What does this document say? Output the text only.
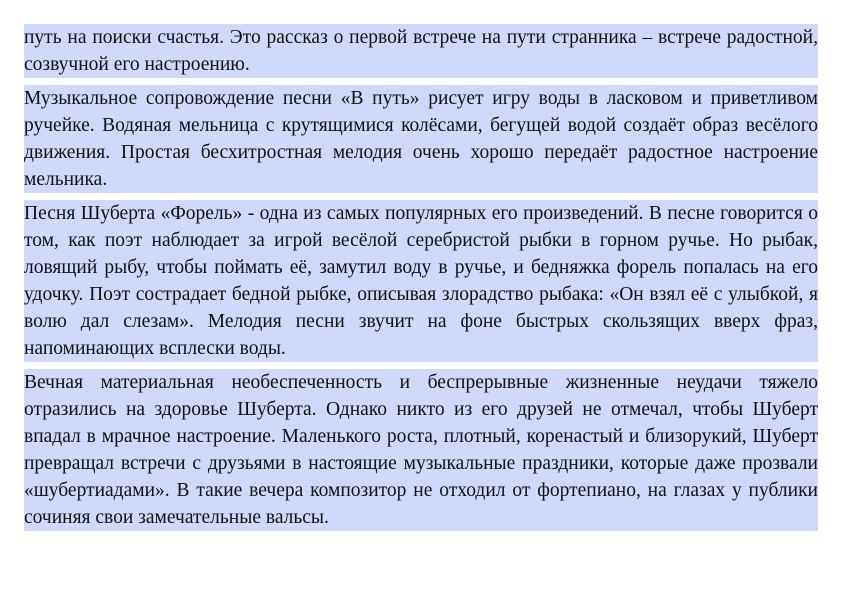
путь на поиски счастья. Это рассказ о первой встрече на пути странника – встрече радостной, созвучной его настроению.

Музыкальное сопровождение песни «В путь» рисует игру воды в ласковом и приветливом ручейке. Водяная мельница с крутящимися колёсами, бегущей водой создаёт образ весёлого движения. Простая бесхитростная мелодия очень хорошо передаёт радостное настроение мельника.

Песня Шуберта «Форель» - одна из самых популярных его произведений. В песне говорится о том, как поэт наблюдает за игрой весёлой серебристой рыбки в горном ручье. Но рыбак, ловящий рыбу, чтобы поймать её, замутил воду в ручье, и бедняжка форель попалась на его удочку. Поэт сострадает бедной рыбке, описывая злорадство рыбака: «Он взял её с улыбкой, я волю дал слезам». Мелодия песни звучит на фоне быстрых скользящих вверх фраз, напоминающих всплески воды.

Вечная материальная необеспеченность и беспрерывные жизненные неудачи тяжело отразились на здоровье Шуберта. Однако никто из его друзей не отмечал, чтобы Шуберт впадал в мрачное настроение. Маленького роста, плотный, коренастый и близорукий, Шуберт превращал встречи с друзьями в настоящие музыкальные праздники, которые даже прозвали «шубертиадами». В такие вечера композитор не отходил от фортепиано, на глазах у публики сочиняя свои замечательные вальсы.
